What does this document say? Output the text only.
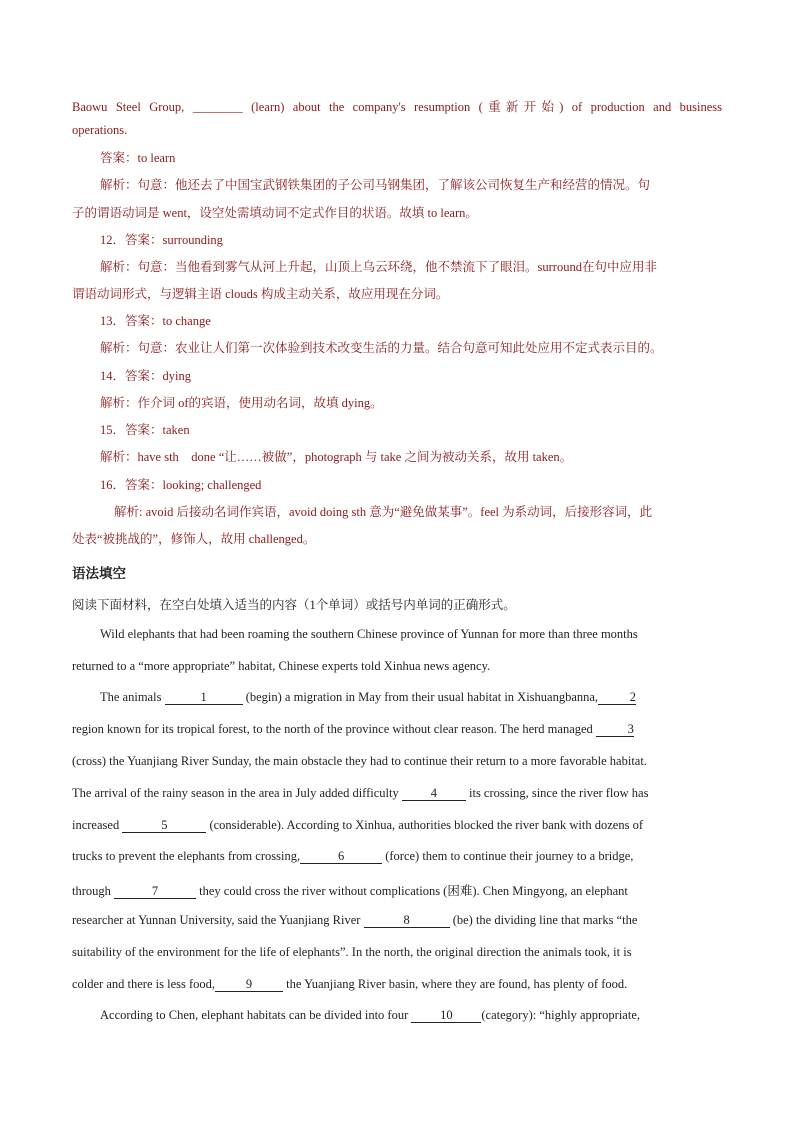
Baowu Steel Group, ________ (learn) about the company's resumption (重新开始) of production and business
operations.
答案：to learn
解析：句意：他还去了中国宝武钢铁集团的子公司马钢集团，了解该公司恢复生产和经营的情况。句
子的谓语动词是 went，设空处需填动词不定式作目的状语。故填 to learn。
12．答案：surrounding
解析：句意：当他看到雾气从河上升起，山顶上乌云环绕，他不禁流下了眼泪。surround在句中应用非
谓语动词形式，与逻辑主语 clouds 构成主动关系，故应用现在分词。
13．答案：to change
解析：句意：农业让人们第一次体验到技术改变生活的力量。结合句意可知此处应用不定式表示目的。
14．答案：dying
解析：作介词 of的宾语，使用动名词，故填 dying。
15．答案：taken
解析：have sth　done “让……被做”，photograph 与 take 之间为被动关系，故用 taken。
16．答案：looking; challenged
解析: avoid 后接动名词作宾语，avoid doing sth 意为“避免做某事”。feel 为系动词，后接形容词，此
处表“被挑战的”，修饰人，故用 challenged。
语法填空
阅读下面材料，在空白处填入适当的内容（1个单词）或括号内单词的正确形式。
Wild elephants that had been roaming the southern Chinese province of Yunnan for more than three months
returned to a “more appropriate” habitat, Chinese experts told Xinhua news agency.
The animals	1	(begin) a migration in May from their usual habitat in Xishuangbanna,	2
region known for its tropical forest, to the north of the province without clear reason. The herd managed	3
(cross) the Yuanjiang River Sunday, the main obstacle they had to continue their return to a more favorable habitat.
The arrival of the rainy season in the area in July added difficulty 4 its crossing, since the river flow has
increased	5	(considerable). According to Xinhua, authorities blocked the river bank with dozens of
trucks to prevent the elephants from crossing,	6	(force) them to continue their journey to a bridge,
through	7	they could cross the river without complications (困难). Chen Mingyong, an elephant
researcher at Yunnan University, said the Yuanjiang River	8	(be) the dividing line that marks “the
suitability of the environment for the life of elephants”. In the north, the original direction the animals took, it is
colder and there is less food, 9 the Yuanjiang River basin, where they are found, has plenty of food.
According to Chen, elephant habitats can be divided into four 10 (category): “highly appropriate,
